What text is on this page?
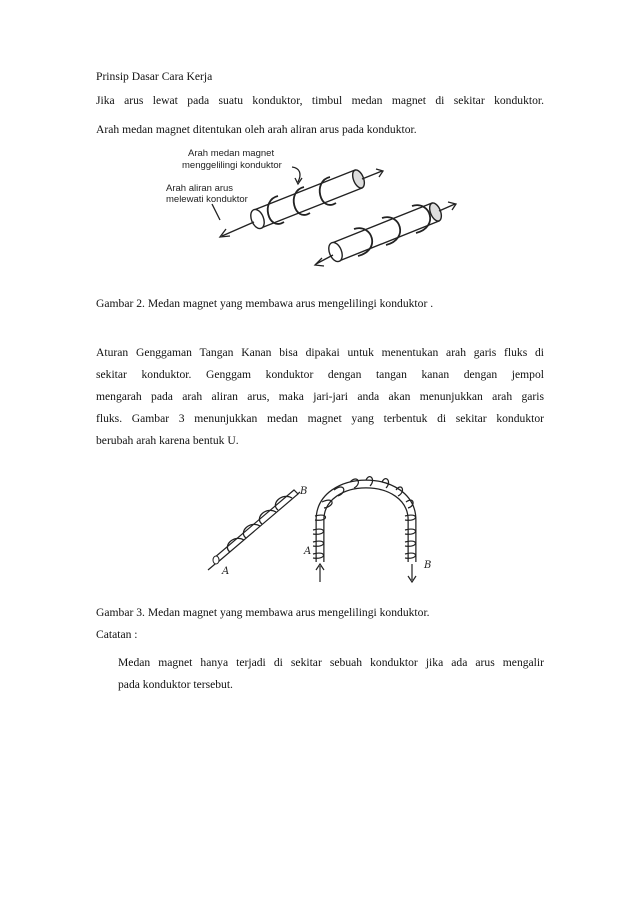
Prinsip Dasar Cara Kerja

Jika arus lewat pada suatu konduktor, timbul medan magnet di sekitar konduktor.

Arah medan magnet ditentukan oleh arah aliran arus pada konduktor.

Arah medan magnet
menggelilingi konduktor
Arah aliran arus
melewati konduktor

Gambar 2. Medan magnet yang membawa arus mengelilingi konduktor .

Aturan Genggaman Tangan Kanan bisa dipakai untuk menentukan arah garis fluks di
sekitar konduktor. Genggam konduktor dengan tangan kanan dengan jempol
mengarah pada arah aliran arus, maka jari-jari anda akan menunjukkan arah garis
fluks. Gambar 3 menunjukkan medan magnet yang terbentuk di sekitar konduktor
berubah arah karena bentuk U.
A
B
A
B

Gambar 3. Medan magnet yang membawa arus mengelilingi konduktor.

Catatan :

Medan magnet hanya terjadi di sekitar sebuah konduktor jika ada arus mengalir
pada konduktor tersebut.
